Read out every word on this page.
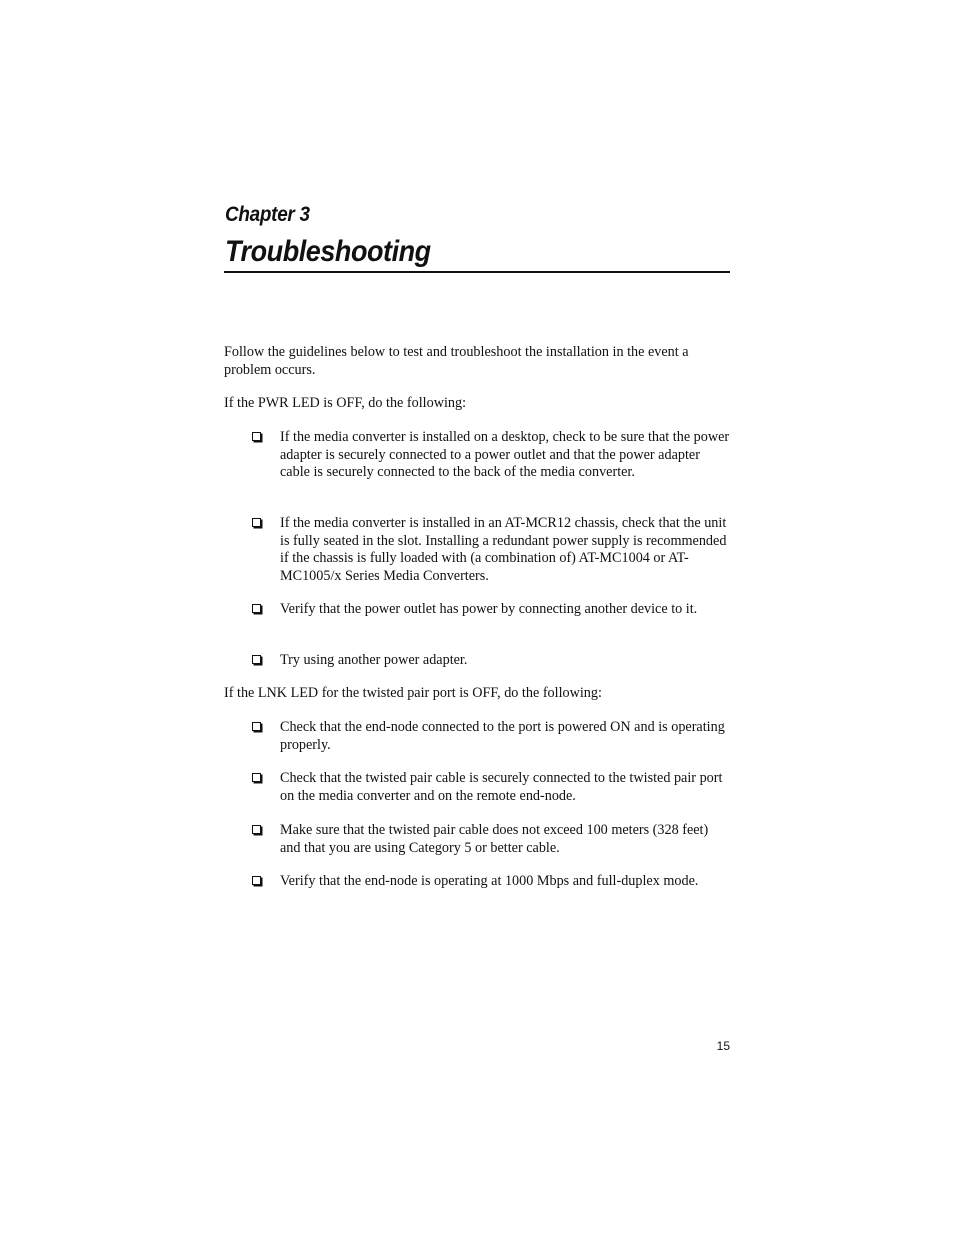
Chapter 3
Troubleshooting
Follow the guidelines below to test and troubleshoot the installation in the event a problem occurs.
If the PWR LED is OFF, do the following:
If the media converter is installed on a desktop, check to be sure that the power adapter is securely connected to a power outlet and that the power adapter cable is securely connected to the back of the media converter.
If the media converter is installed in an AT-MCR12 chassis, check that the unit is fully seated in the slot. Installing a redundant power supply is recommended if the chassis is fully loaded with (a combination of) AT-MC1004 or AT-MC1005/x Series Media Converters.
Verify that the power outlet has power by connecting another device to it.
Try using another power adapter.
If the LNK LED for the twisted pair port is OFF, do the following:
Check that the end-node connected to the port is powered ON and is operating properly.
Check that the twisted pair cable is securely connected to the twisted pair port on the media converter and on the remote end-node.
Make sure that the twisted pair cable does not exceed 100 meters (328 feet) and that you are using Category 5 or better cable.
Verify that the end-node is operating at 1000 Mbps and full-duplex mode.
15
